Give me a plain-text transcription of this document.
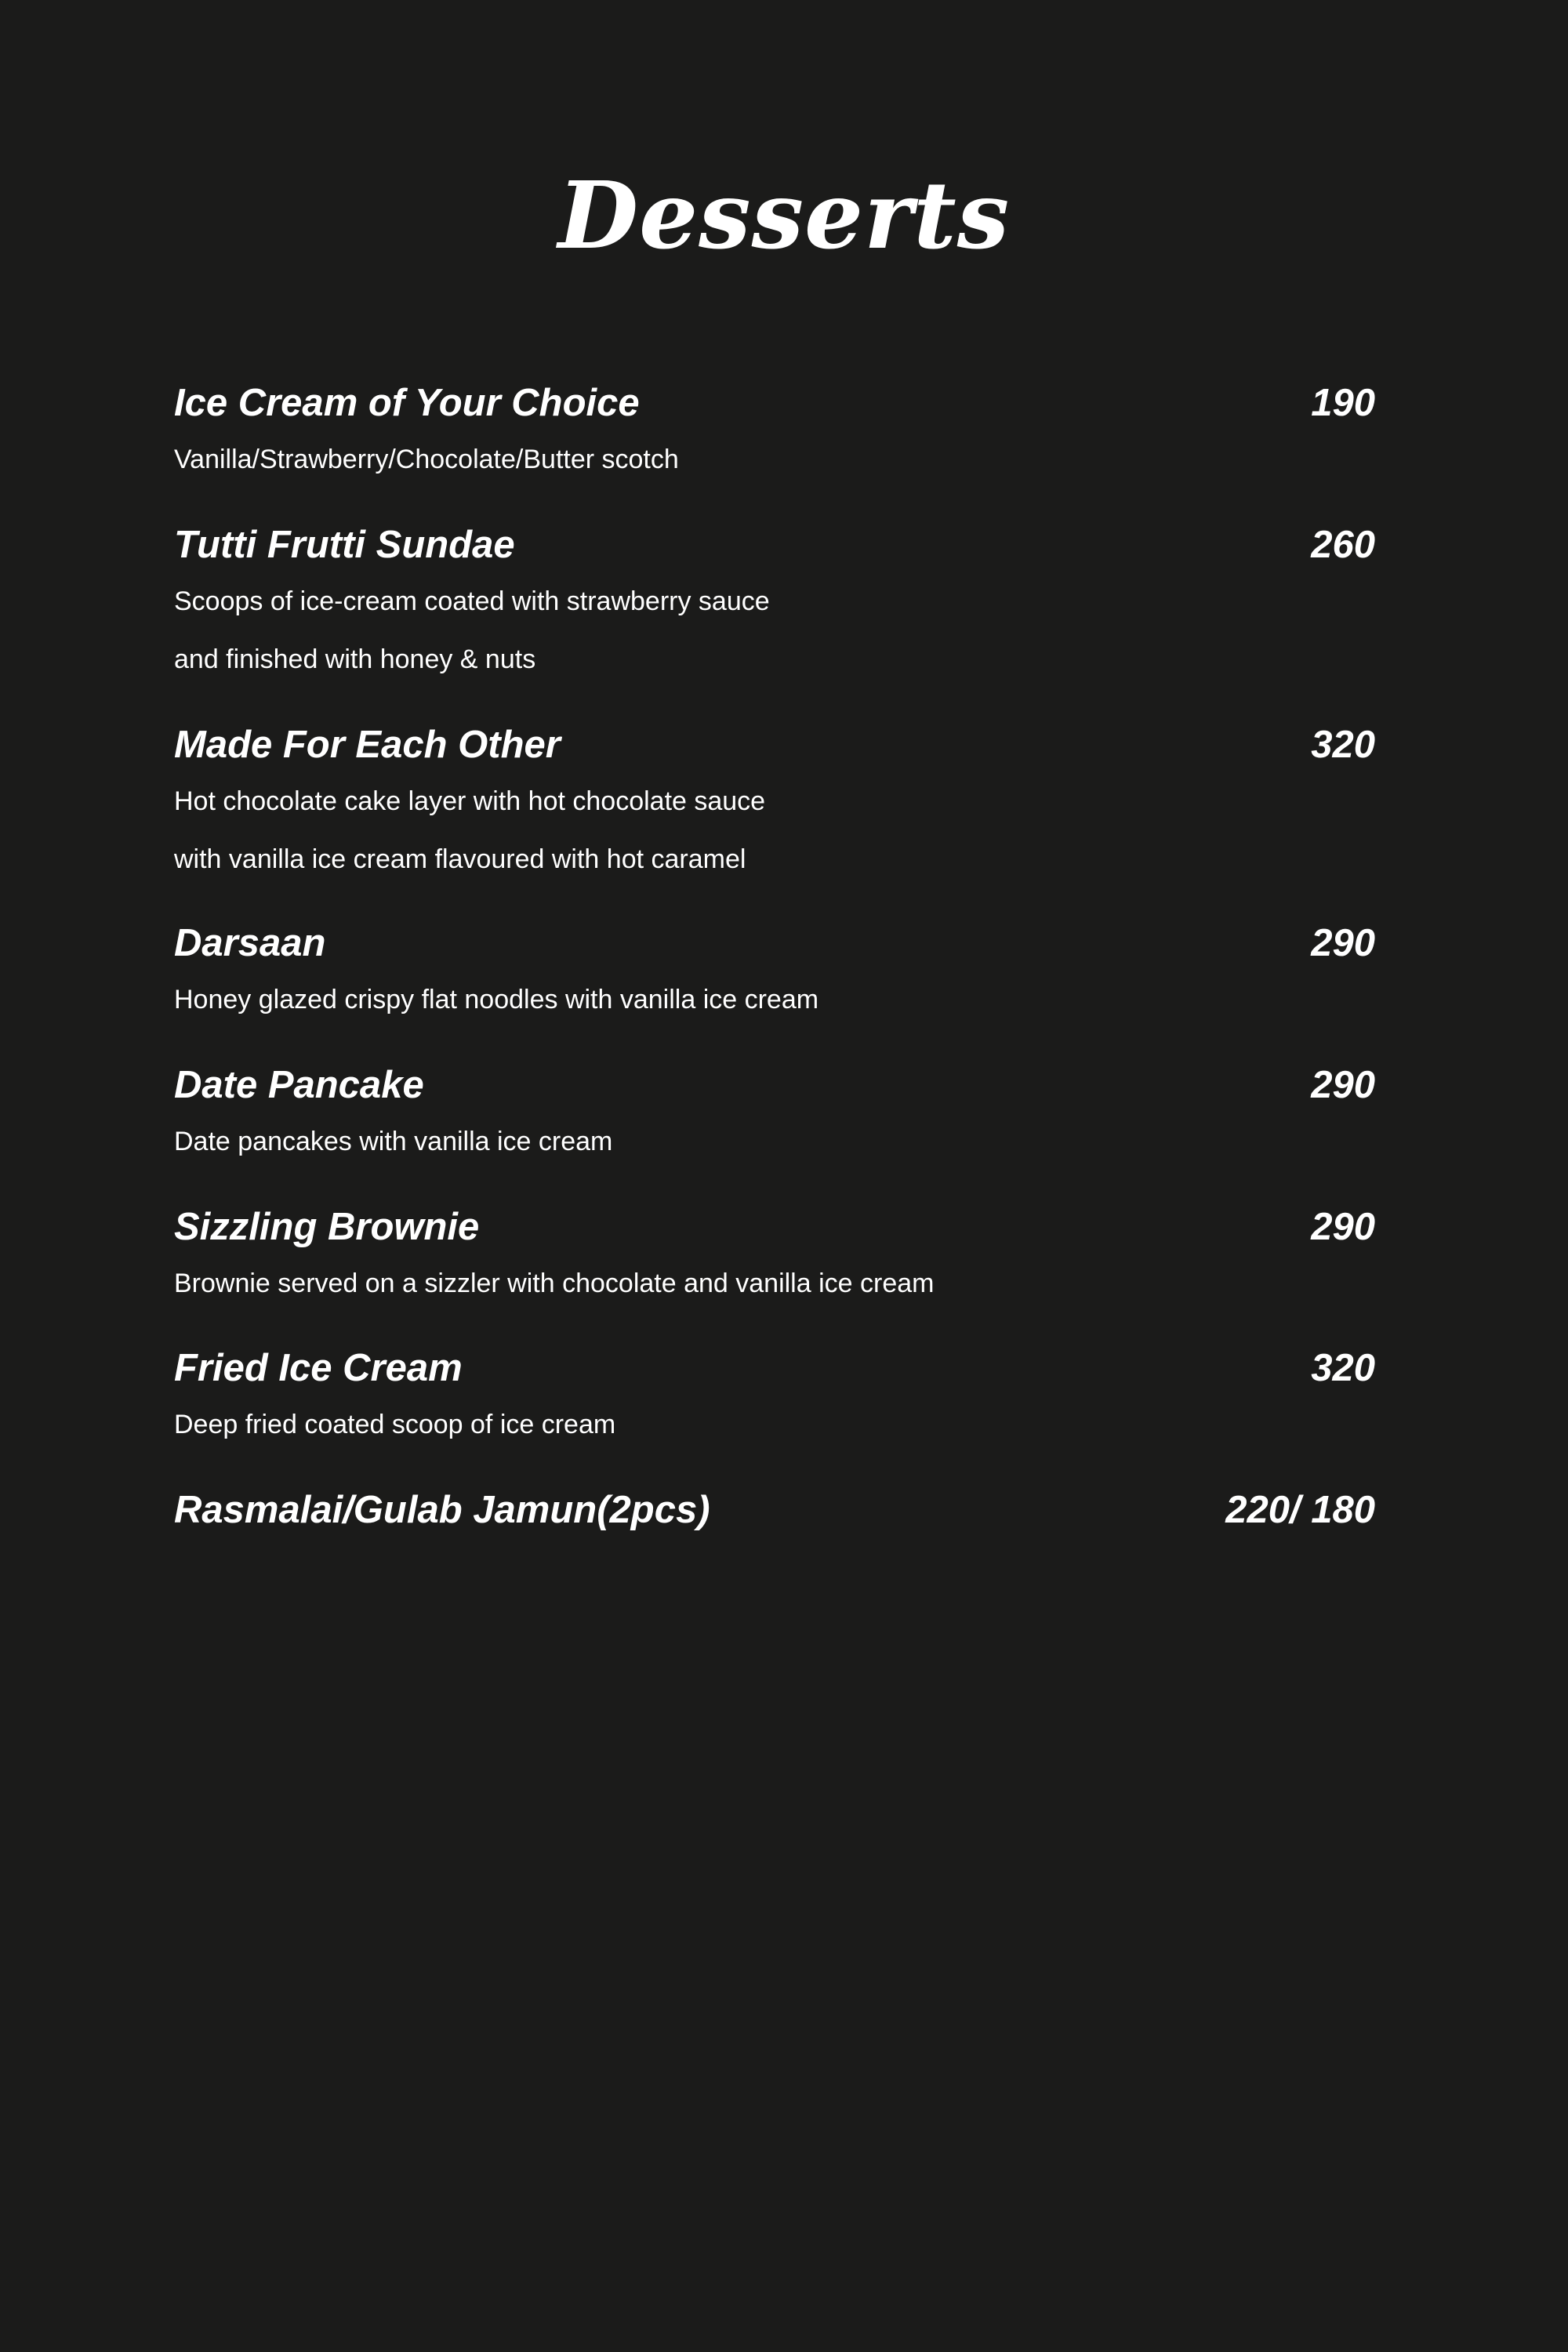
Desserts
Ice Cream of Your Choice	190
Vanilla/Strawberry/Chocolate/Butter scotch
Tutti Frutti Sundae	260
Scoops of ice-cream coated with strawberry sauce
and finished with honey & nuts
Made For Each Other	320
Hot chocolate cake layer with hot chocolate sauce
with vanilla ice cream flavoured with hot caramel
Darsaan	290
Honey glazed crispy flat noodles with vanilla ice cream
Date Pancake	290
Date pancakes with vanilla ice cream
Sizzling Brownie	290
Brownie served on a sizzler with chocolate and vanilla ice cream
Fried Ice Cream	320
Deep fried coated scoop of ice cream
Rasmalai/Gulab Jamun(2pcs)	220/ 180
